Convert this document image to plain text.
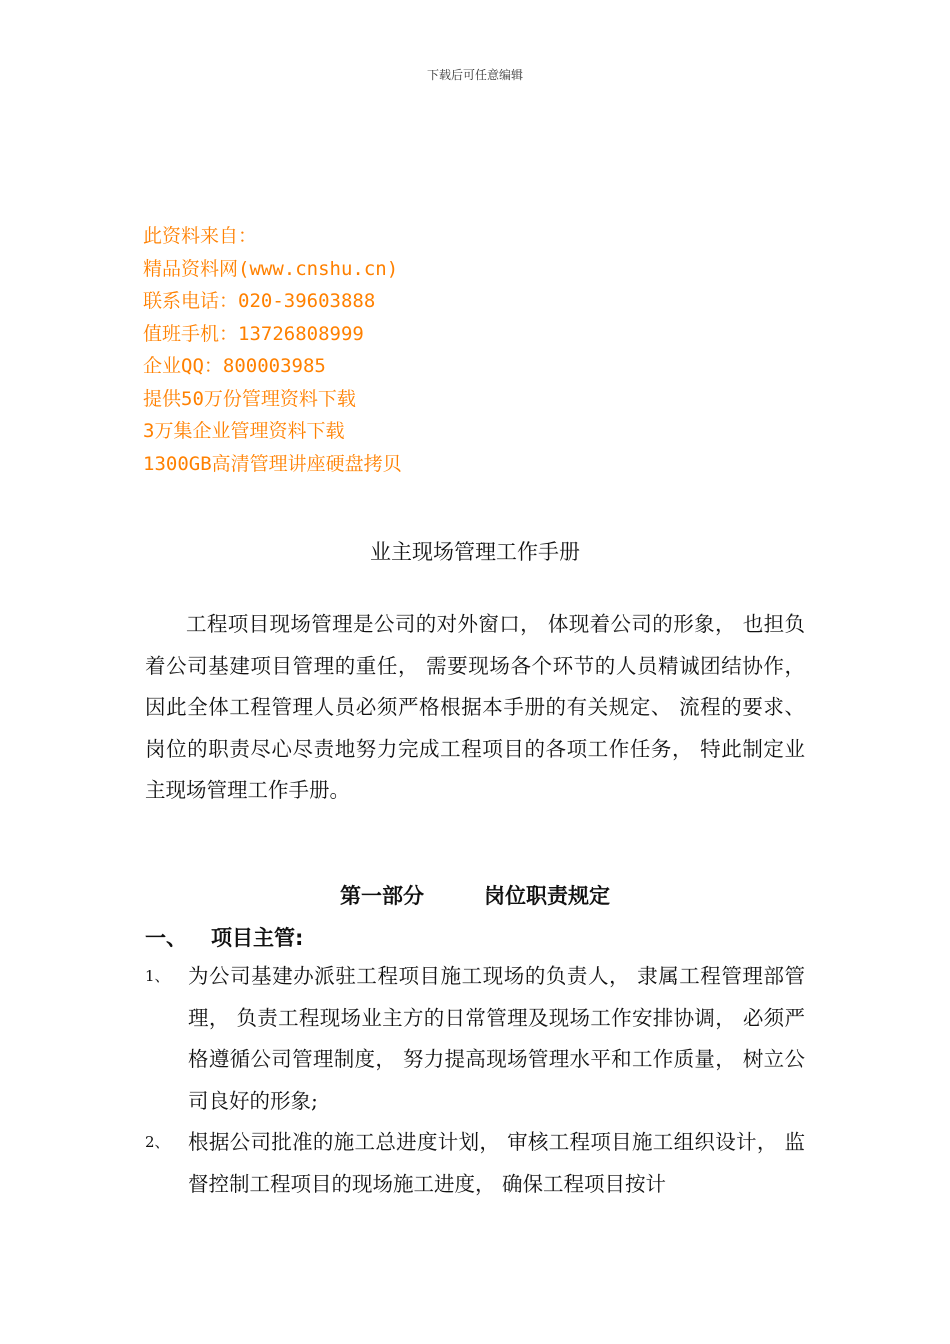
下载后可任意编辑
此资料来自：
精品资料网(www.cnshu.cn)
联系电话：020-39603888
值班手机：13726808999
企业QQ：800003985
提供50万份管理资料下载
3万集企业管理资料下载
1300GB高清管理讲座硬盘拷贝
业主现场管理工作手册

工程项目现场管理是公司的对外窗口， 体现着公司的形象， 也担负着公司基建项目管理的重任， 需要现场各个环节的人员精诚团结协作， 因此全体工程管理人员必须严格根据本手册的有关规定、 流程的要求、 岗位的职责尽心尽责地努力完成工程项目的各项工作任务， 特此制定业主现场管理工作手册。

第一部分	岗位职责规定
一、 项目主管:
1、 为公司基建办派驻工程项目施工现场的负责人， 隶属工程管理部管理， 负责工程现场业主方的日常管理及现场工作安排协调， 必须严格遵循公司管理制度， 努力提高现场管理水平和工作质量， 树立公司良好的形象;
2、 根据公司批准的施工总进度计划， 审核工程项目施工组织设计， 监督控制工程项目的现场施工进度， 确保工程项目按计
